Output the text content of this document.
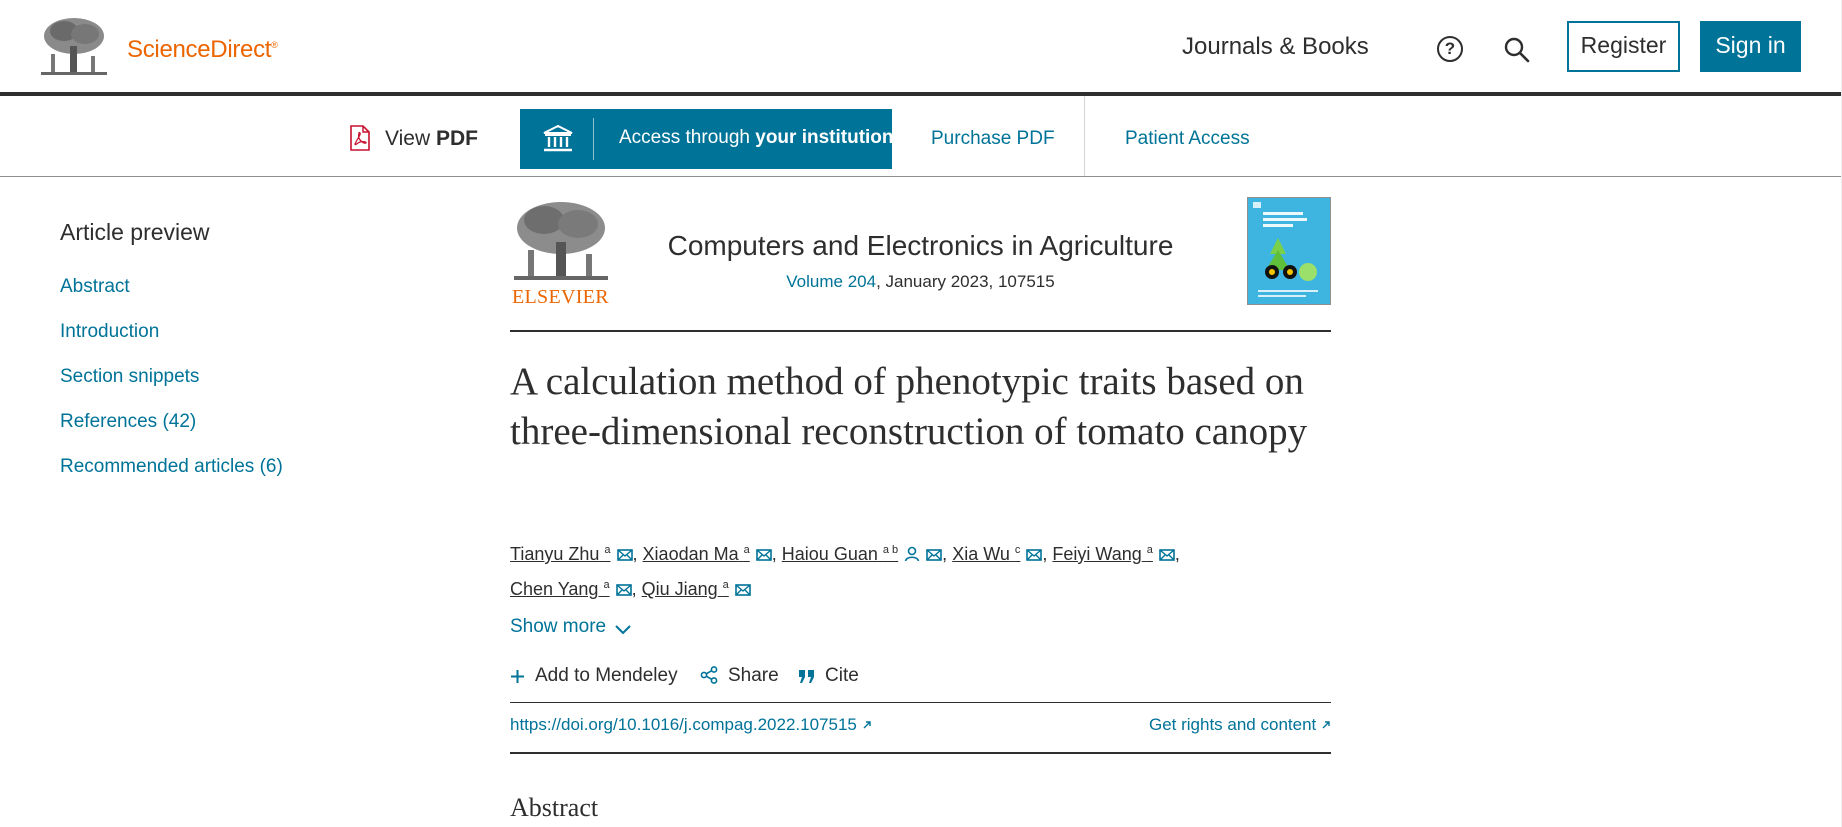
ScienceDirect®	Journals & Books	?	Register	Sign in
View PDF	Access through your institution Purchase PDF	Patient Access
Article preview
Abstract
Introduction
Section snippets
References (42)
Recommended articles (6)
ELSEVIER
Computers and Electronics in Agriculture
Volume 204, January 2023, 107515
A calculation method of phenotypic traits based on three-dimensional reconstruction of tomato canopy
Tianyu Zhu $^a$ , Xiaodan Ma $^a$ , Haiou Guan $^{a b}$ , Xia Wu $^c$ , Feiyi Wang $^a$ ,
Chen Yang $^a$ , Qiu Jiang $^a$
Show more
Add to Mendeley	Share	Cite
https://doi.org/10.1016/j.compag.2022.107515	Get rights and content
Abstract
